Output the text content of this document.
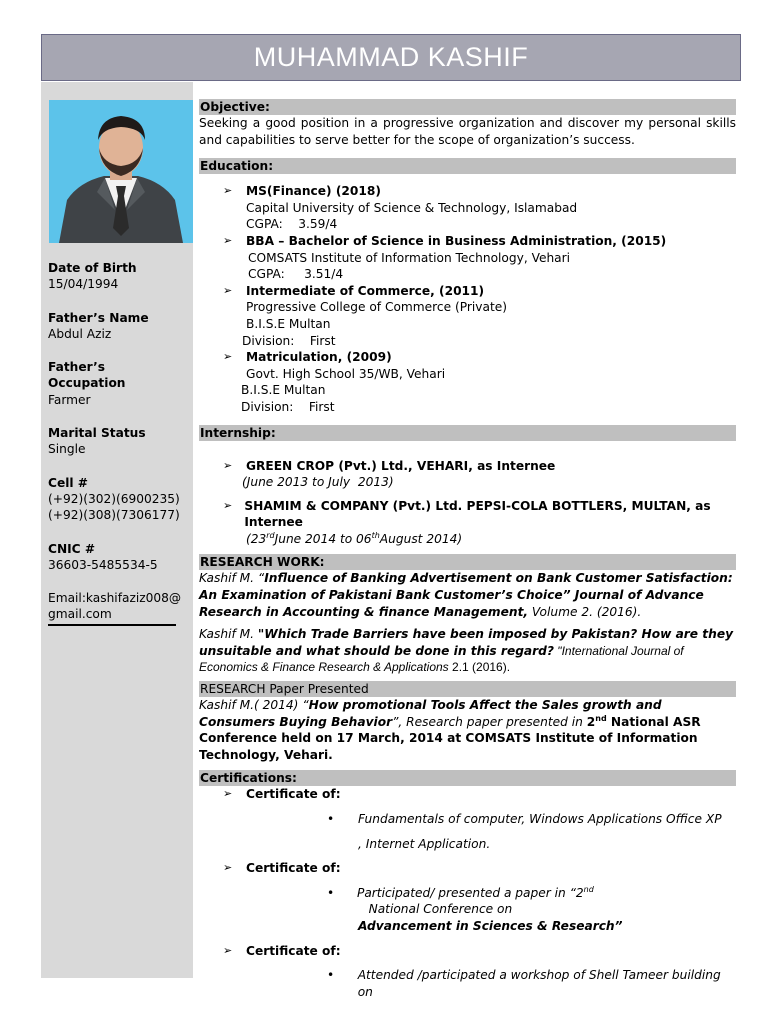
MUHAMMAD KASHIF
Date of Birth
15/04/1994
Father’s Name
Abdul Aziz
Father’s Occupation
Farmer
Marital Status
Single
Cell #
(+92)(302)(6900235)
(+92)(308)(7306177)
CNIC #
36603-5485534-5
Email:kashifaziz008@
gmail.com
Objective:
Seeking a good position in a progressive organization and discover my personal skills and capabilities to serve better for the scope of organization’s success.
Education:
➢	MS(Finance) (2018)
Capital University of Science & Technology, Islamabad
CGPA:    3.59/4
➢	BBA – Bachelor of Science in Business Administration, (2015)
COMSATS Institute of Information Technology, Vehari
CGPA:     3.51/4
➢	Intermediate of Commerce, (2011)
Progressive College of Commerce (Private)
B.I.S.E Multan
Division:    First
➢	Matriculation, (2009)
Govt. High School 35/WB, Vehari
B.I.S.E Multan
Division:    First
Internship:
➢	GREEN CROP (Pvt.) Ltd., VEHARI, as Internee
(June 2013 to July  2013)
➢ SHAMIM & COMPANY (Pvt.) Ltd. PEPSI-COLA BOTTLERS, MULTAN, as Internee
(23rdJune 2014 to 06thAugust 2014)
RESEARCH WORK:
Kashif M. “Influence of Banking Advertisement on Bank Customer Satisfaction: An Examination of Pakistani Bank Customer’s Choice” Journal of Advance Research in Accounting & finance Management, Volume 2. (2016).
Kashif M. "Which Trade Barriers have been imposed by Pakistan? How are they unsuitable and what should be done in this regard? "International Journal of Economics & Finance Research & Applications 2.1 (2016).
RESEARCH Paper Presented
Kashif M.( 2014) “How promotional Tools Affect the Sales growth and Consumers Buying Behavior”, Research paper presented in 2nd National ASR Conference held on 17 March, 2014 at COMSATS Institute of Information Technology, Vehari.
Certifications:
➢	Certificate of:
•	Fundamentals of computer, Windows Applications Office XP
, Internet Application.
➢	Certificate of:
•	Participated/ presented a paper in “2nd   National Conference on
Advancement in Sciences & Research”
➢	Certificate of:
•	Attended /participated a workshop of Shell Tameer building on
